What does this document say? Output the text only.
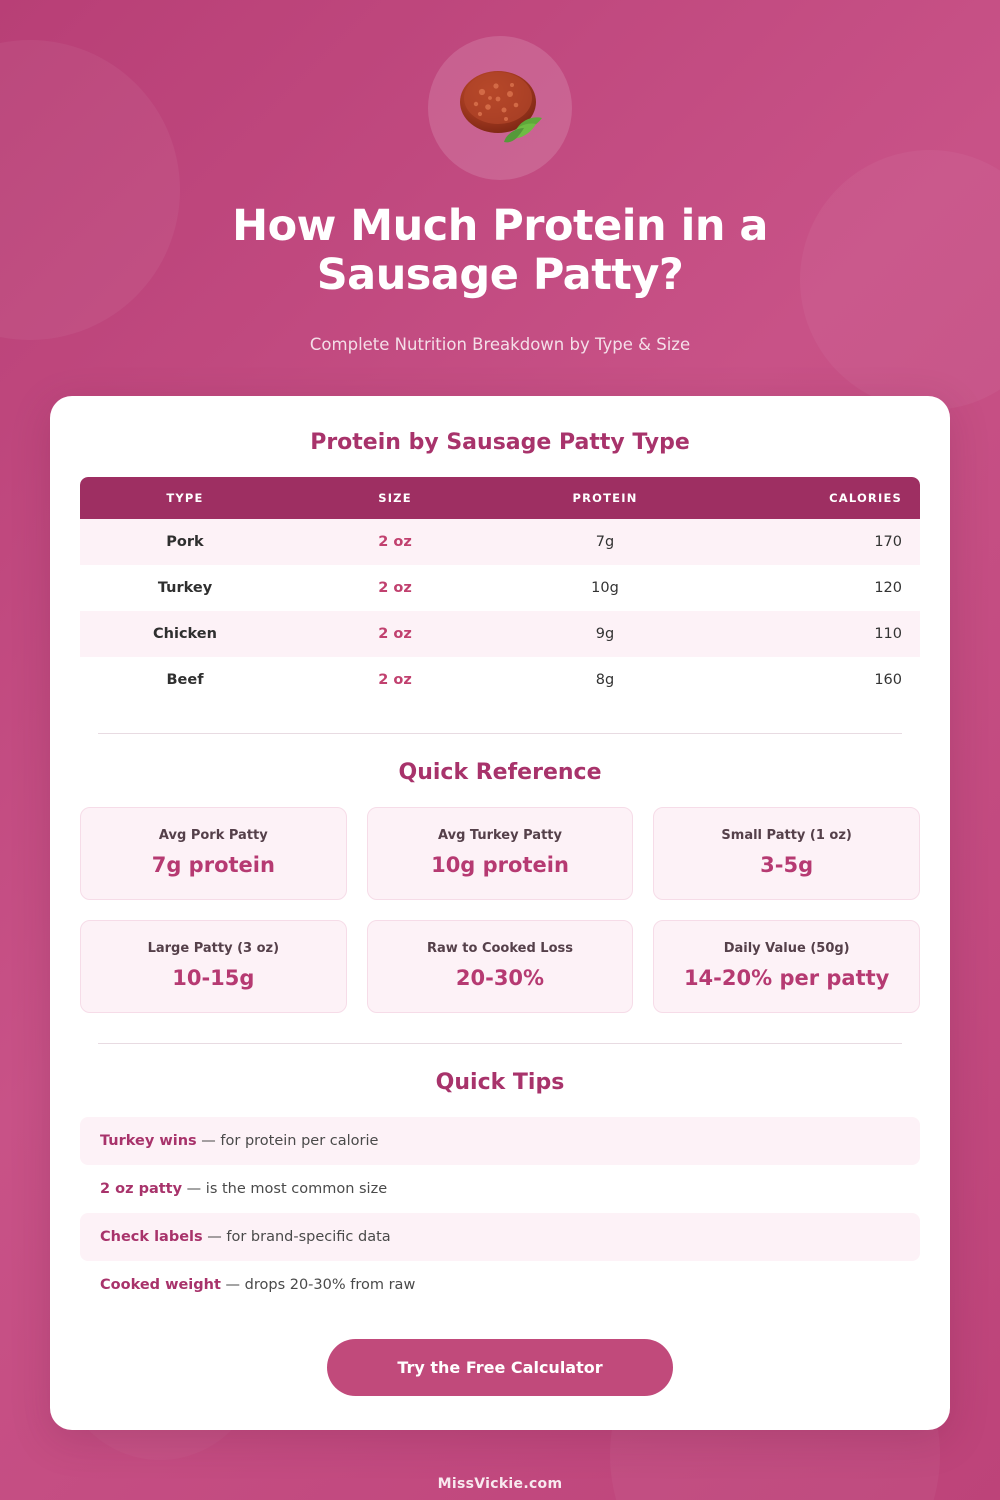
How Much Protein in a Sausage Patty?
Complete Nutrition Breakdown by Type & Size
Protein by Sausage Patty Type
TYPE	SIZE	PROTEIN	CALORIES
Pork	2 oz	7g	170
Turkey	2 oz	10g	120
Chicken	2 oz	9g	110
Beef	2 oz	8g	160
Quick Reference
Avg Pork Patty
7g protein
Avg Turkey Patty
10g protein
Small Patty (1 oz)
3-5g
Large Patty (3 oz)
10-15g
Raw to Cooked Loss
20-30%
Daily Value (50g)
14-20% per patty
Quick Tips
Turkey wins — for protein per calorie
2 oz patty — is the most common size
Check labels — for brand-specific data
Cooked weight — drops 20-30% from raw
Try the Free Calculator
MissVickie.com
